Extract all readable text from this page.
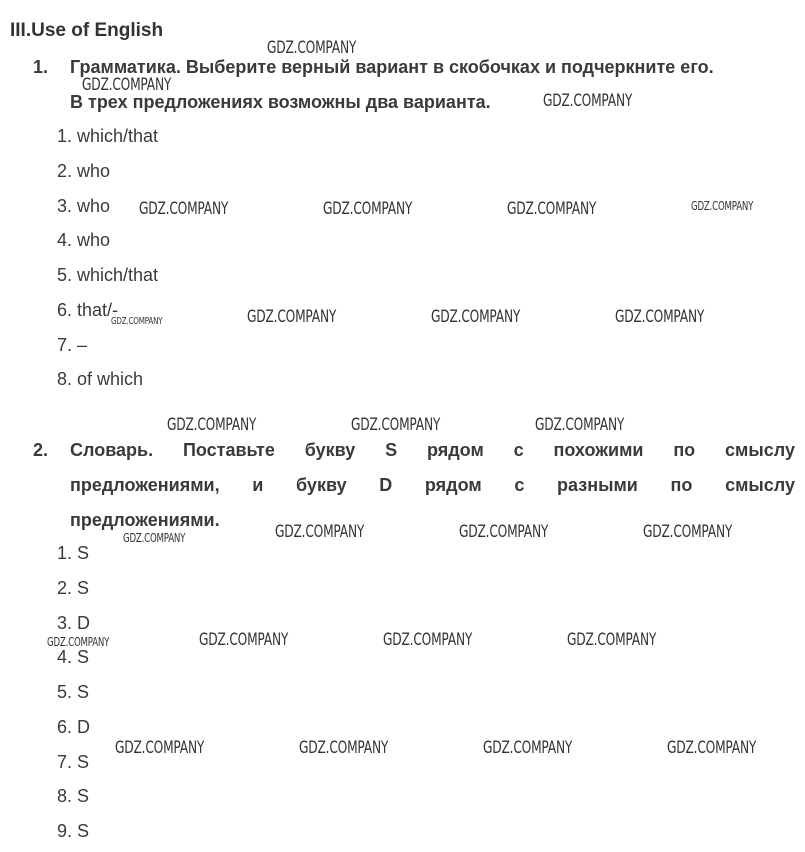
III.Use of English
1. Грамматика. Выберите верный вариант в скобочках и подчеркните его.
В трех предложениях возможны два варианта.
1. which/that
2. who
3. who
4. who
5. which/that
6. that/-
7. –
8. of which
2. Словарь. Поставьте букву S рядом с похожими по смыслу
предложениями, и букву D рядом с разными по смыслу
предложениями.
1. S
2. S
3. D
4. S
5. S
6. D
7. S
8. S
9. S
GDZ.COMPANY
GDZ.COMPANY
GDZ.COMPANY
GDZ.COMPANY	GDZ.COMPANY	GDZ.COMPANY	GDZ.COMPANY
GDZ.COMPANY	GDZ.COMPANY	GDZ.COMPANY	GDZ.COMPANY
GDZ.COMPANY	GDZ.COMPANY	GDZ.COMPANY
GDZ.COMPANY	GDZ.COMPANY	GDZ.COMPANY	GDZ.COMPANY
GDZ.COMPANY	GDZ.COMPANY	GDZ.COMPANY	GDZ.COMPANY
GDZ.COMPANY	GDZ.COMPANY	GDZ.COMPANY	GDZ.COMPANY
